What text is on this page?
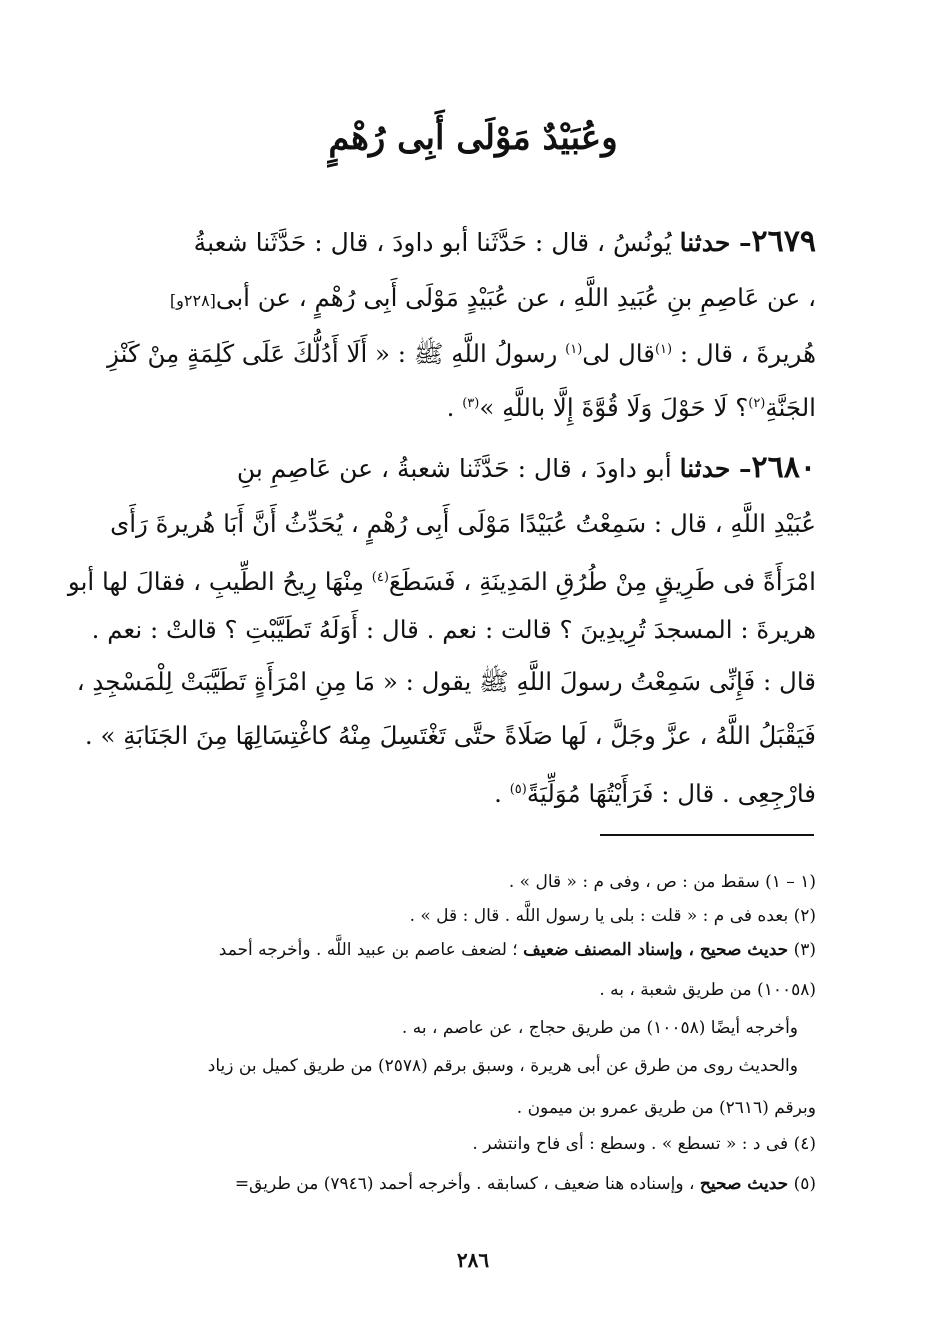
وعُبَيْدٌ مَوْلَى أَبِى رُهْمٍ
٢٦٧٩– حدثنا يُونُسُ ، قال : حَدَّثَنا أبو داودَ ، قال : حَدَّثَنا شعبةُ
، عن عَاصِمِ بنِ عُبَيدِ اللَّهِ ، عن عُبَيْدٍ مَوْلَى أَبِى رُهْمٍ ، عن أبى[٢٢٨و]
هُريرةَ ، قال : $^{(١)}$قال لى$^{(١)}$ رسولُ اللَّهِ ﷺ : « أَلَا أَدُلُّكَ عَلَى كَلِمَةٍ مِنْ كَنْزِ
الجَنَّةِ$^{(٢)}$؟ لَا حَوْلَ وَلَا قُوَّةَ إِلَّا باللَّهِ »$^{(٣)}$ .
٢٦٨٠– حدثنا أبو داودَ ، قال : حَدَّثَنا شعبةُ ، عن عَاصِمِ بنِ
عُبَيْدِ اللَّهِ ، قال : سَمِعْتُ عُبَيْدًا مَوْلَى أَبِى رُهْمٍ ، يُحَدِّثُ أَنَّ أَبَا هُريرةَ رَأَى
امْرَأَةً فى طَرِيقٍ مِنْ طُرُقِ المَدِينَةِ ، فَسَطَعَ$^{(٤)}$ مِنْهَا رِيحُ الطِّيبِ ، فقالَ لها أبو
هريرةَ : المسجدَ تُرِيدِينَ ؟ قالت : نعم . قال : أَوَلَهُ تَطَيَّبْتِ ؟ قالتْ : نعم .
قال : فَإِنِّى سَمِعْتُ رسولَ اللَّهِ ﷺ يقول : « مَا مِنِ امْرَأَةٍ تَطَيَّبَتْ لِلْمَسْجِدِ ،
فَيَقْبَلُ اللَّهُ ، عزَّ وجَلَّ ، لَها صَلَاةً حتَّى تَغْتَسِلَ مِنْهُ كاغْتِسَالِهَا مِنَ الجَنَابَةِ » .
فارْجِعِى . قال : فَرَأَيْتُهَا مُوَلِّيَةً$^{(٥)}$ .
(١ – ١) سقط من : ص ، وفى م : « قال » .
(٢) بعده فى م : « قلت : بلى يا رسول اللَّه . قال : قل » .
(٣) حديث صحيح ، وإسناد المصنف ضعيف ؛ لضعف عاصم بن عبيد اللَّه . وأخرجه أحمد
(١٠٠٥٨) من طريق شعبة ، به .
وأخرجه أيضًا (١٠٠٥٨) من طريق حجاج ، عن عاصم ، به .
والحديث روى من طرق عن أبى هريرة ، وسبق برقم (٢٥٧٨) من طريق كميل بن زياد
وبرقم (٢٦١٦) من طريق عمرو بن ميمون .
(٤) فى د : « تسطع » . وسطع : أى فاح وانتشر .
(٥) حديث صحيح ، وإسناده هنا ضعيف ، كسابقه . وأخرجه أحمد (٧٩٤٦) من طريق=
٢٨٦
